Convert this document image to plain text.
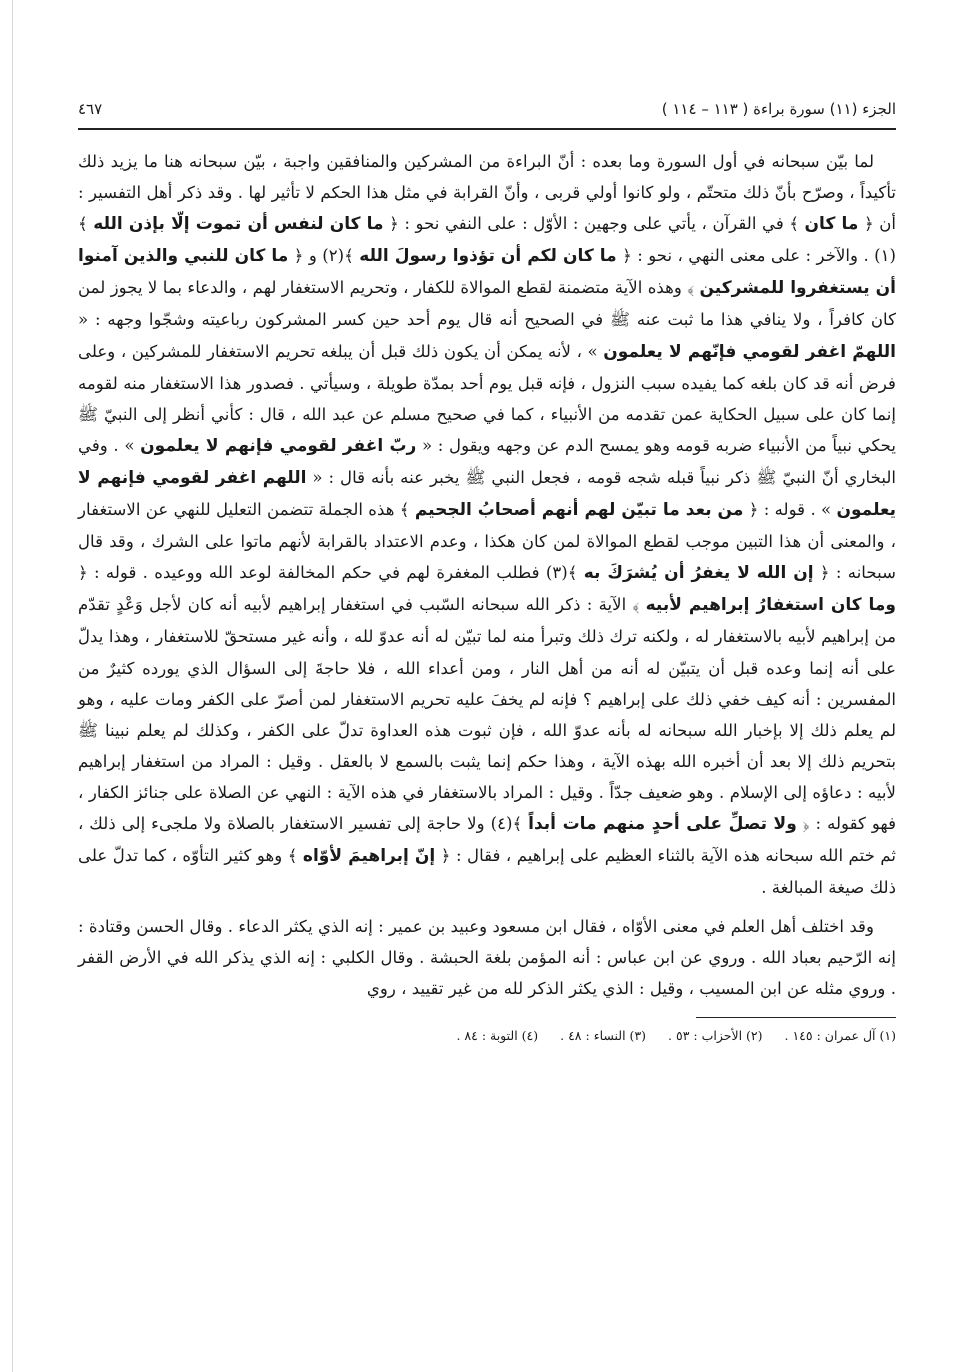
الجزء (١١) سورة براءة ( ١١٣ – ١١٤ )
٤٦٧

لما بيّن سبحانه في أول السورة وما بعده : أنّ البراءة من المشركين والمنافقين واجبة ، بيّن سبحانه هنا ما يزيد ذلك تأكيداً ، وصرّح بأنّ ذلك متحتّم ، ولو كانوا أولي قربى ، وأنّ القرابة في مثل هذا الحكم لا تأثير لها . وقد ذكر أهل التفسير : أن ﴿ ما كان ﴾ في القرآن ، يأتي على وجهين : الأوّل : على النفي نحو : ﴿ ما كان لنفس أن تموت إلّا بإذن الله ﴾(١) . والآخر : على معنى النهي ، نحو : ﴿ ما كان لكم أن تؤذوا رسولَ الله ﴾(٢) و ﴿ ما كان للنبي والذين آمنوا أن يستغفروا للمشركين ﴾ وهذه الآية متضمنة لقطع الموالاة للكفار ، وتحريم الاستغفار لهم ، والدعاء بما لا يجوز لمن كان كافراً ، ولا ينافي هذا ما ثبت عنه ﷺ في الصحيح أنه قال يوم أحد حين كسر المشركون رباعيته وشجّوا وجهه : « اللهمّ اغفر لقومي فإنّهم لا يعلمون » ، لأنه يمكن أن يكون ذلك قبل أن يبلغه تحريم الاستغفار للمشركين ، وعلى فرض أنه قد كان بلغه كما يفيده سبب النزول ، فإنه قبل يوم أحد بمدّة طويلة ، وسيأتي . فصدور هذا الاستغفار منه لقومه إنما كان على سبيل الحكاية عمن تقدمه من الأنبياء ، كما في صحيح مسلم عن عبد الله ، قال : كأني أنظر إلى النبيّ ﷺ يحكي نبياً من الأنبياء ضربه قومه وهو يمسح الدم عن وجهه ويقول : « ربّ اغفر لقومي فإنهم لا يعلمون » . وفي البخاري أنّ النبيّ ﷺ ذكر نبياً قبله شجه قومه ، فجعل النبي ﷺ يخبر عنه بأنه قال : « اللهم اغفر لقومي فإنهم لا يعلمون » . قوله : ﴿ من بعد ما تبيّن لهم أنهم أصحابُ الجحيم ﴾ هذه الجملة تتضمن التعليل للنهي عن الاستغفار ، والمعنى أن هذا التبين موجب لقطع الموالاة لمن كان هكذا ، وعدم الاعتداد بالقرابة لأنهم ماتوا على الشرك ، وقد قال سبحانه : ﴿ إن الله لا يغفرُ أن يُشرَكَ به ﴾(٣) فطلب المغفرة لهم في حكم المخالفة لوعد الله ووعيده . قوله : ﴿ وما كان استغفارُ إبراهيم لأبيه ﴾ الآية : ذكر الله سبحانه السّبب في استغفار إبراهيم لأبيه أنه كان لأجل وَعْدٍ تقدّم من إبراهيم لأبيه بالاستغفار له ، ولكنه ترك ذلك وتبرأ منه لما تبيّن له أنه عدوّ لله ، وأنه غير مستحقّ للاستغفار ، وهذا يدلّ على أنه إنما وعده قبل أن يتبيّن له أنه من أهل النار ، ومن أعداء الله ، فلا حاجةَ إلى السؤال الذي يورده كثيرٌ من المفسرين : أنه كيف خفي ذلك على إبراهيم ؟ فإنه لم يخفَ عليه تحريم الاستغفار لمن أصرّ على الكفر ومات عليه ، وهو لم يعلم ذلك إلا بإخبار الله سبحانه له بأنه عدوّ الله ، فإن ثبوت هذه العداوة تدلّ على الكفر ، وكذلك لم يعلم نبينا ﷺ بتحريم ذلك إلا بعد أن أخبره الله بهذه الآية ، وهذا حكم إنما يثبت بالسمع لا بالعقل . وقيل : المراد من استغفار إبراهيم لأبيه : دعاؤه إلى الإسلام . وهو ضعيف جدّاً . وقيل : المراد بالاستغفار في هذه الآية : النهي عن الصلاة على جنائز الكفار ، فهو كقوله : ﴿ ولا تصلِّ على أحدٍ منهم مات أبداً ﴾(٤) ولا حاجة إلى تفسير الاستغفار بالصلاة ولا ملجىء إلى ذلك ، ثم ختم الله سبحانه هذه الآية بالثناء العظيم على إبراهيم ، فقال : ﴿ إنّ إبراهيمَ لأوّاه ﴾ وهو كثير التأوّه ، كما تدلّ على ذلك صيغة المبالغة .

وقد اختلف أهل العلم في معنى الأوّاه ، فقال ابن مسعود وعبيد بن عمير : إنه الذي يكثر الدعاء . وقال الحسن وقتادة : إنه الرّحيم بعباد الله . وروي عن ابن عباس : أنه المؤمن بلغة الحبشة . وقال الكلبي : إنه الذي يذكر الله في الأرض القفر . وروي مثله عن ابن المسيب ، وقيل : الذي يكثر الذكر لله من غير تقييد ، روي

(١) آل عمران : ١٤٥ . (٢) الأحزاب : ٥٣ . (٣) النساء : ٤٨ . (٤) التوبة : ٨٤ .
